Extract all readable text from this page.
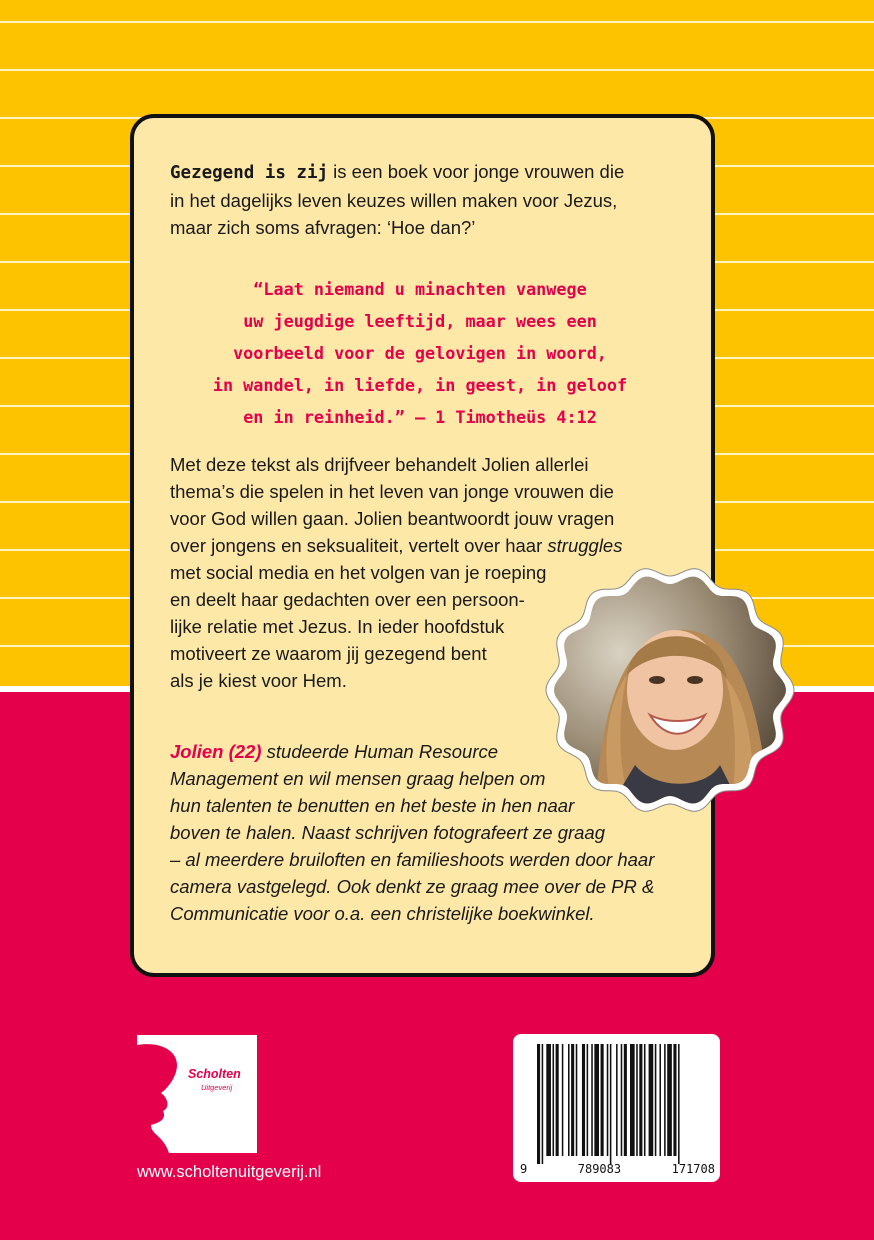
Gezegend is zij is een boek voor jonge vrouwen die
in het dagelijks leven keuzes willen maken voor Jezus,
maar zich soms afvragen: ‘Hoe dan?’

“Laat niemand u minachten vanwege
uw jeugdige leeftijd, maar wees een
voorbeeld voor de gelovigen in woord,
in wandel, in liefde, in geest, in geloof
en in reinheid.” – 1 Timotheüs 4:12
Met deze tekst als drijfveer behandelt Jolien allerlei
thema’s die spelen in het leven van jonge vrouwen die
voor God willen gaan. Jolien beantwoordt jouw vragen
over jongens en seksualiteit, vertelt over haar struggles
met social media en het volgen van je roeping
en deelt haar gedachten over een persoon-
lijke relatie met Jezus. In ieder hoofdstuk
motiveert ze waarom jij gezegend bent
als je kiest voor Hem.
Jolien (22) studeerde Human Resource
Management en wil mensen graag helpen om
hun talenten te benutten en het beste in hen naar
boven te halen. Naast schrijven fotografeert ze graag
– al meerdere bruiloften en familieshoots werden door haar
camera vastgelegd. Ook denkt ze graag mee over de PR &
Communicatie voor o.a. een christelijke boekwinkel.
Scholten
Uitgeverij
www.scholtenuitgeverij.nl	9	789083	171708
